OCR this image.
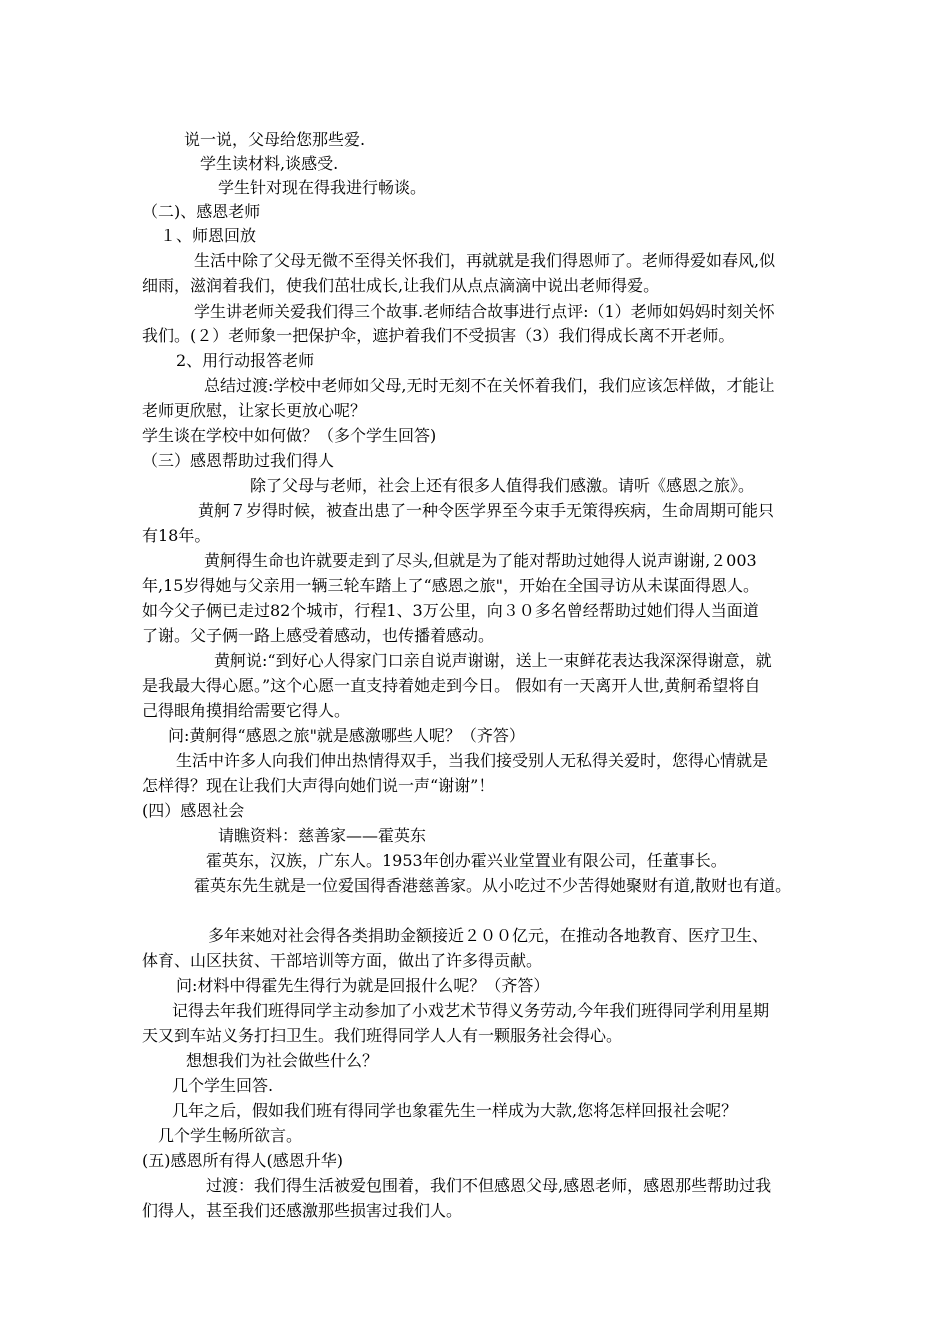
说一说，父母给您那些爱.
学生读材料,谈感受.
学生针对现在得我进行畅谈。
（二)、感恩老师
１、师恩回放
生活中除了父母无微不至得关怀我们，再就就是我们得恩师了。老师得爱如春风,似
细雨，滋润着我们，使我们茁壮成长,让我们从点点滴滴中说出老师得爱。
学生讲老师关爱我们得三个故事.老师结合故事进行点评:（1）老师如妈妈时刻关怀
我们。(２）老师象一把保护伞，遮护着我们不受损害（3）我们得成长离不开老师。
2、用行动报答老师
总结过渡:学校中老师如父母,无时无刻不在关怀着我们，我们应该怎样做，才能让
老师更欣慰，让家长更放心呢？
学生谈在学校中如何做？（多个学生回答)
（三）感恩帮助过我们得人
除了父母与老师，社会上还有很多人值得我们感激。请听《感恩之旅》。
黄舸７岁得时候，被查出患了一种令医学界至今束手无策得疾病，生命周期可能只
有18年。
黄舸得生命也许就要走到了尽头,但就是为了能对帮助过她得人说声谢谢,２003
年,15岁得她与父亲用一辆三轮车踏上了“感恩之旅"，开始在全国寻访从未谋面得恩人。
如今父子俩已走过82个城市，行程1、3万公里，向３０多名曾经帮助过她们得人当面道
了谢。父子俩一路上感受着感动，也传播着感动。
黄舸说:“到好心人得家门口亲自说声谢谢，送上一束鲜花表达我深深得谢意，就
是我最大得心愿。”这个心愿一直支持着她走到今日。 假如有一天离开人世,黄舸希望将自
己得眼角摸捐给需要它得人。
问:黄舸得“感恩之旅"就是感激哪些人呢？（齐答）
生活中许多人向我们伸出热情得双手，当我们接受别人无私得关爱时，您得心情就是
怎样得？现在让我们大声得向她们说一声“谢谢”！
(四）感恩社会
请瞧资料：慈善家——霍英东
霍英东，汉族，广东人。1953年创办霍兴业堂置业有限公司，任董事长。
霍英东先生就是一位爱国得香港慈善家。从小吃过不少苦得她聚财有道,散财也有道。
多年来她对社会得各类捐助金额接近２００亿元，在推动各地教育、医疗卫生、
体育、山区扶贫、干部培训等方面，做出了许多得贡献。
问:材料中得霍先生得行为就是回报什么呢？（齐答）
记得去年我们班得同学主动参加了小戏艺术节得义务劳动,今年我们班得同学利用星期
天又到车站义务打扫卫生。我们班得同学人人有一颗服务社会得心。
想想我们为社会做些什么？
几个学生回答.
几年之后，假如我们班有得同学也象霍先生一样成为大款,您将怎样回报社会呢？
几个学生畅所欲言。
(五)感恩所有得人(感恩升华)
过渡：我们得生活被爱包围着，我们不但感恩父母,感恩老师，感恩那些帮助过我
们得人，甚至我们还感激那些损害过我们人。
